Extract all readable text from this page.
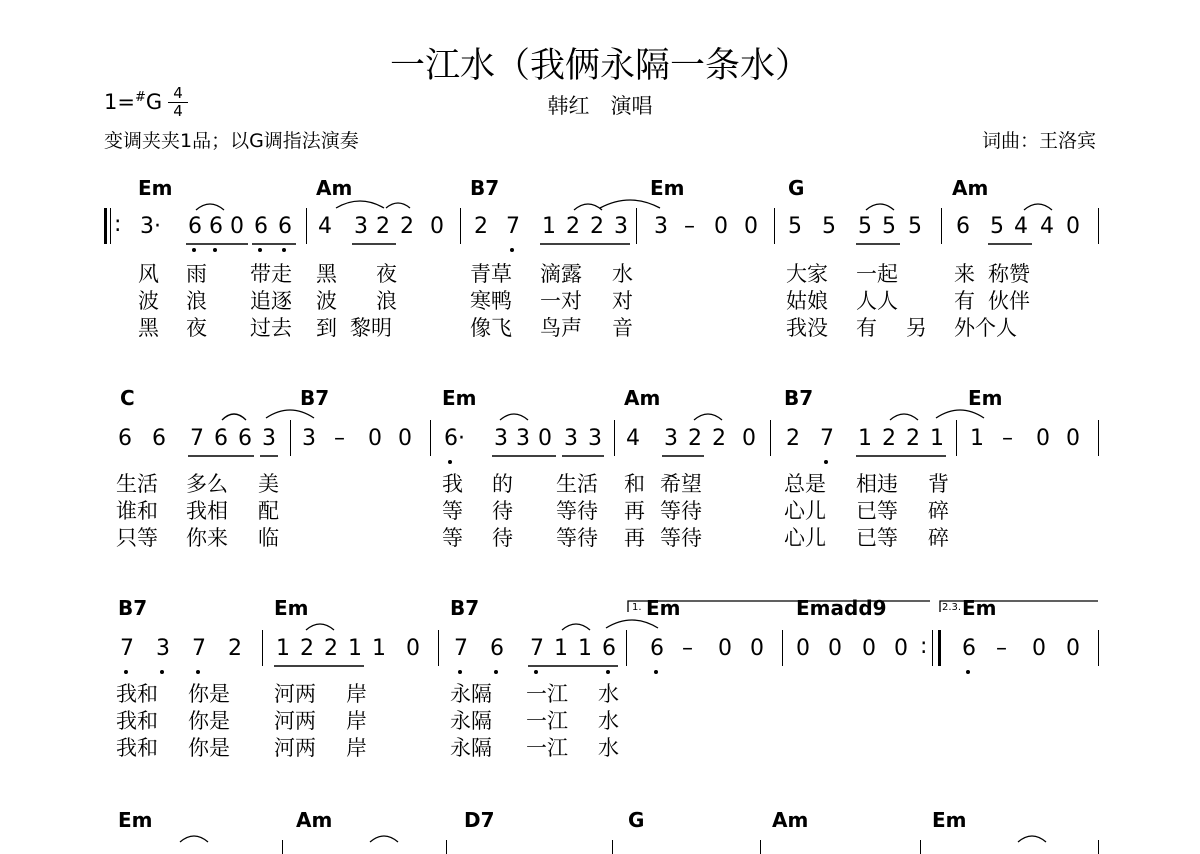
一江水（我俩永隔一条水）
韩红　演唱
1=#G 4
4
变调夹夹1品；以G调指法演奏	词曲：王洛宾
Em	Am	B7	Em	G	Am
: 3· 6 6 0 6 6 4 3 2 2 0 2 7 1 2 2 3 3 – 0 0 5 5 5 5 5 6 5 4 4 0
风 雨 带走 黑 夜	青草 滴露 水	大家 一起	来 称赞
波 浪 追逐 波 浪	寒鸭 一对 对	姑娘 人人	有 伙伴
黑 夜 过去 到 黎明	像飞 鸟声 音	我没 有 另 外个人
C	B7	Em	Am	B7	Em
6 6 7 6 6 3 3 – 0 0 6· 3 3 0 3 3 4 3 2 2 0 2 7 1 2 2 1 1 – 0 0
生活 多么 美	我 的 生活 和 希望	总是 相违 背
谁和 我相 配	等 待 等待 再 等待	心儿 已等 碎
只等 你来 临	等 待 等待 再 等待	心儿 已等 碎
B7	Em	B7	Em	Emadd9	Em
1.	2.3.
:
7 3 7 2 1 2 2 1 1 0 7 6 7 1 1 6 6 – 0 0 0 0 0 0 6 – 0 0
我和 你是 河两 岸	永隔 一江 水
我和 你是 河两 岸	永隔 一江 水
我和 你是 河两 岸	永隔 一江 水
Em	Am	D7	G	Am	Em
